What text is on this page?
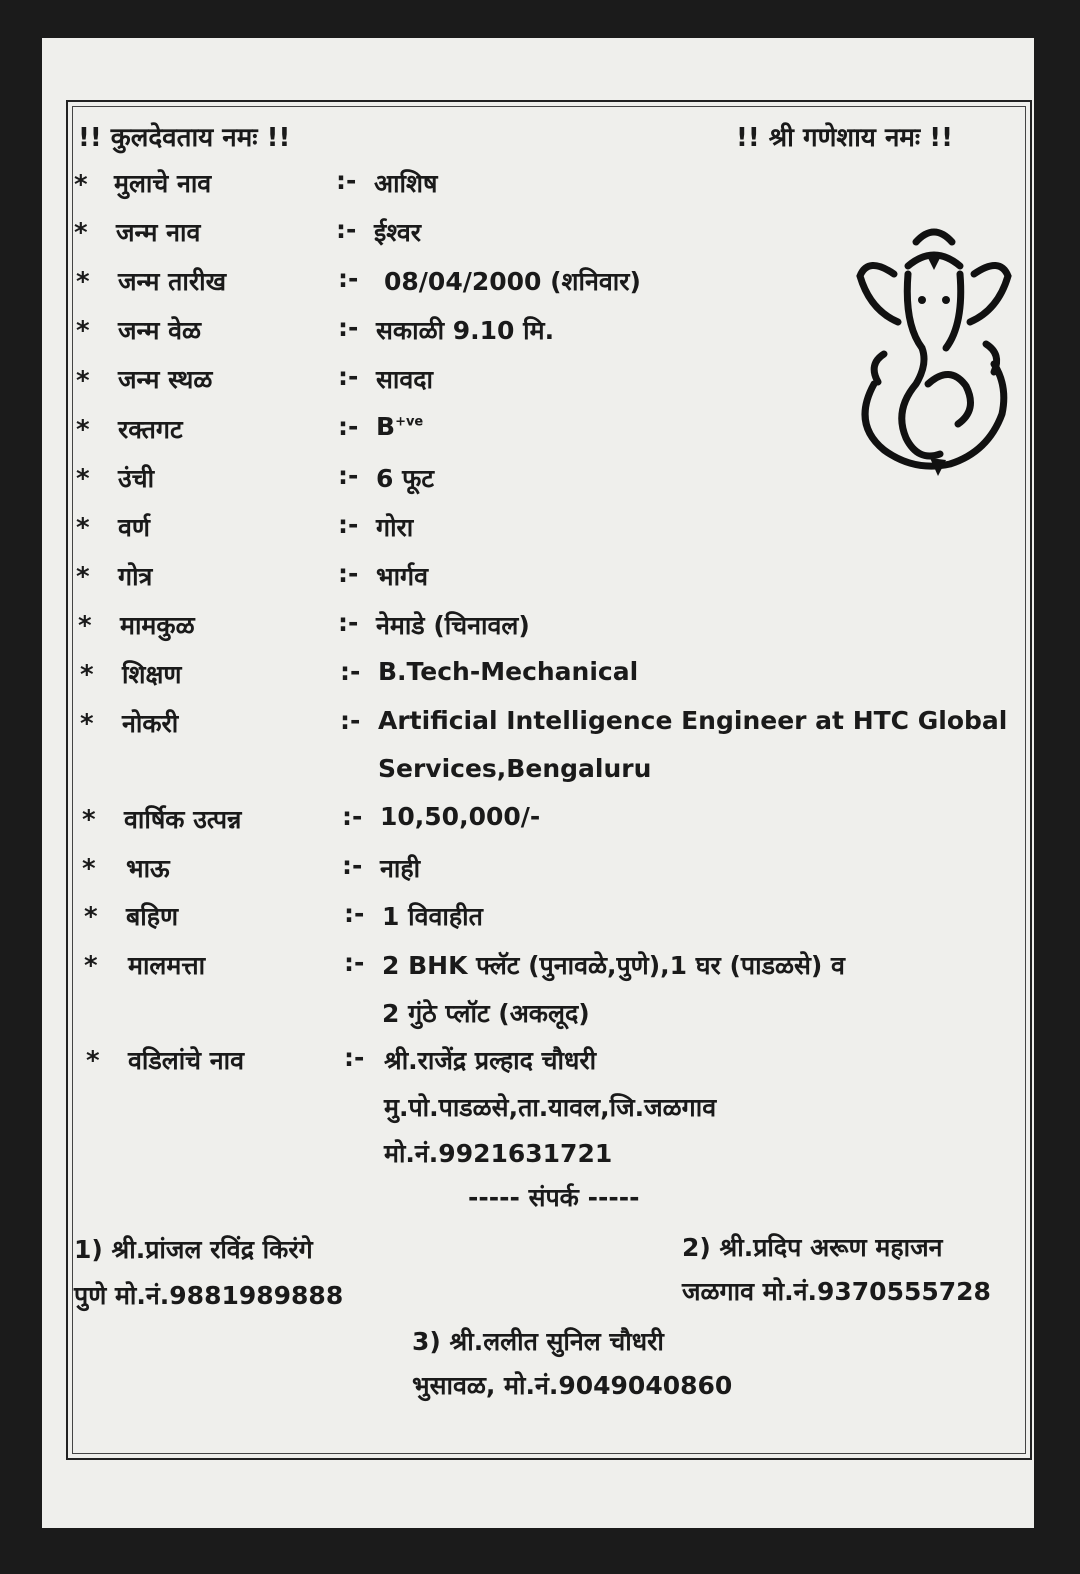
!! कुलदेवताय नमः !!	!! श्री गणेशाय नमः !!
* मुलाचे नाव	:- आशिष
* जन्म नाव	:- ईश्वर
* जन्म तारीख	:- 08/04/2000 (शनिवार)
* जन्म वेळ	:- सकाळी 9.10 मि.
* जन्म स्थळ	:- सावदा
* रक्तगट	:- $B^{+ve}$
* उंची	:- 6 फूट
* वर्ण	:- गोरा
* गोत्र	:- भार्गव
* मामकुळ	:- नेमाडे (चिनावल)
* शिक्षण	:- B.Tech-Mechanical
* नोकरी	:- Artificial Intelligence Engineer at HTC Global
Services,Bengaluru
* वार्षिक उत्पन्न	:- 10,50,000/-
* भाऊ	:- नाही
* बहिण	:- 1 विवाहीत
* मालमत्ता	:- 2 BHK फ्लॅट (पुनावळे,पुणे),1 घर (पाडळसे) व
2 गुंठे प्लॉट (अकलूद)
* वडिलांचे नाव	:- श्री.राजेंद्र प्रल्हाद चौधरी
मु.पो.पाडळसे,ता.यावल,जि.जळगाव
मो.नं.9921631721
----- संपर्क -----
1) श्री.प्रांजल रविंद्र किरंगे
पुणे मो.नं.9881989888
2) श्री.प्रदिप अरूण महाजन
जळगाव मो.नं.9370555728
3) श्री.ललीत सुनिल चौधरी
भुसावळ, मो.नं.9049040860
